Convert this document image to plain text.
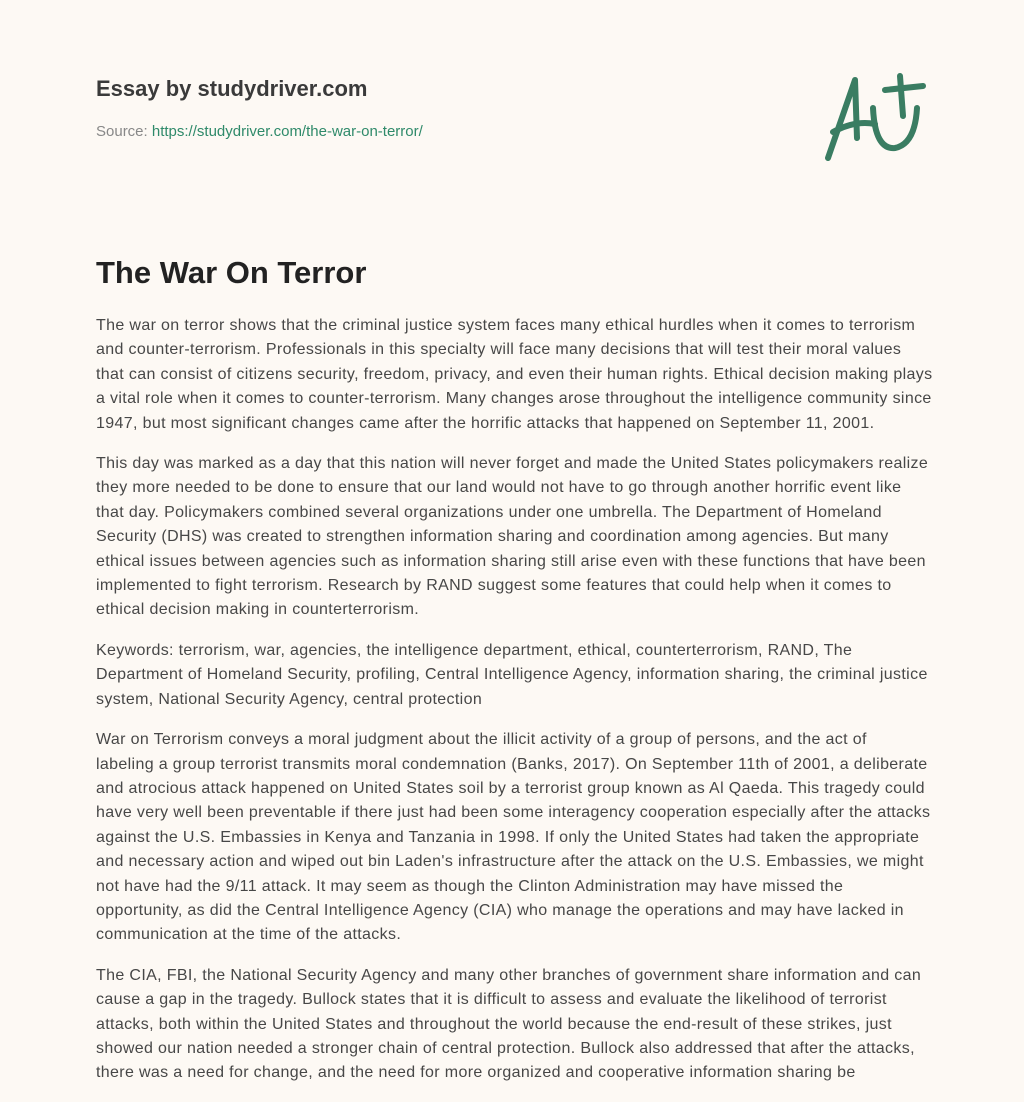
Essay by studydriver.com
Source: https://studydriver.com/the-war-on-terror/
The War On Terror

The war on terror shows that the criminal justice system faces many ethical hurdles when it comes to terrorism
and counter-terrorism. Professionals in this specialty will face many decisions that will test their moral values
that can consist of citizens security, freedom, privacy, and even their human rights. Ethical decision making plays
a vital role when it comes to counter-terrorism. Many changes arose throughout the intelligence community since
1947, but most significant changes came after the horrific attacks that happened on September 11, 2001.

This day was marked as a day that this nation will never forget and made the United States policymakers realize
they more needed to be done to ensure that our land would not have to go through another horrific event like
that day. Policymakers combined several organizations under one umbrella. The Department of Homeland
Security (DHS) was created to strengthen information sharing and coordination among agencies. But many
ethical issues between agencies such as information sharing still arise even with these functions that have been
implemented to fight terrorism. Research by RAND suggest some features that could help when it comes to
ethical decision making in counterterrorism.

Keywords: terrorism, war, agencies, the intelligence department, ethical, counterterrorism, RAND, The
Department of Homeland Security, profiling, Central Intelligence Agency, information sharing, the criminal justice
system, National Security Agency, central protection

War on Terrorism conveys a moral judgment about the illicit activity of a group of persons, and the act of
labeling a group terrorist transmits moral condemnation (Banks, 2017). On September 11th of 2001, a deliberate
and atrocious attack happened on United States soil by a terrorist group known as Al Qaeda. This tragedy could
have very well been preventable if there just had been some interagency cooperation especially after the attacks
against the U.S. Embassies in Kenya and Tanzania in 1998. If only the United States had taken the appropriate
and necessary action and wiped out bin Laden's infrastructure after the attack on the U.S. Embassies, we might
not have had the 9/11 attack. It may seem as though the Clinton Administration may have missed the
opportunity, as did the Central Intelligence Agency (CIA) who manage the operations and may have lacked in
communication at the time of the attacks.

The CIA, FBI, the National Security Agency and many other branches of government share information and can
cause a gap in the tragedy. Bullock states that it is difficult to assess and evaluate the likelihood of terrorist
attacks, both within the United States and throughout the world because the end-result of these strikes, just
showed our nation needed a stronger chain of central protection. Bullock also addressed that after the attacks,
there was a need for change, and the need for more organized and cooperative information sharing be
